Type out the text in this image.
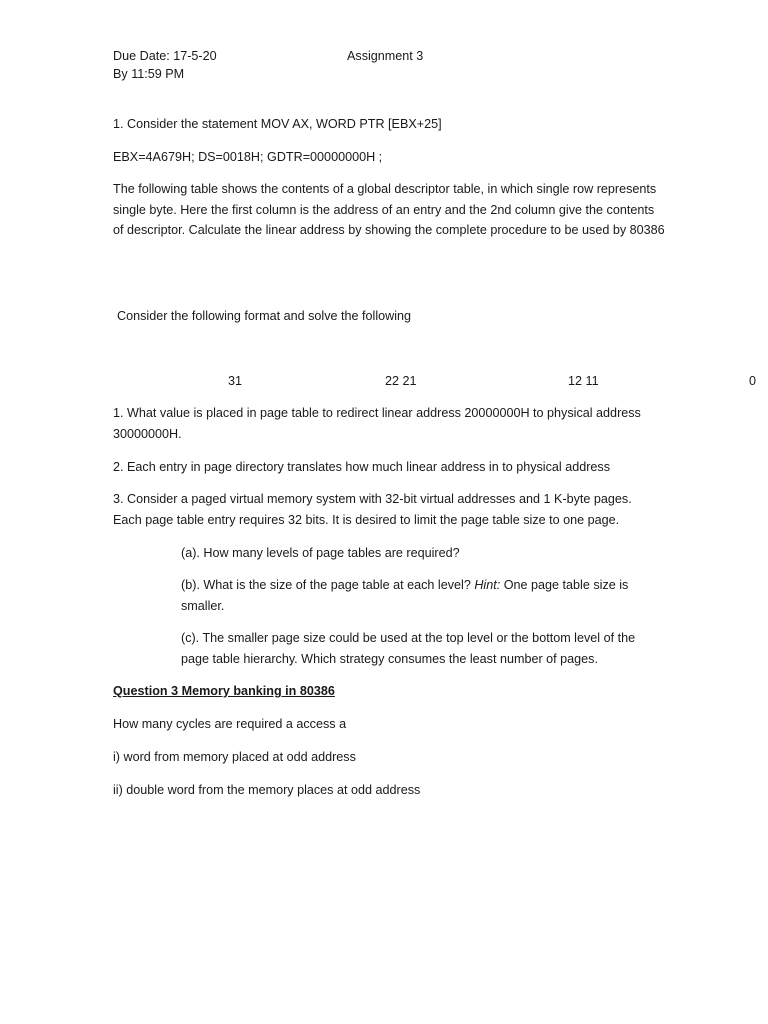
Due Date: 17-5-20	Assignment 3
By 11:59 PM
1. Consider the statement MOV AX, WORD PTR [EBX+25]
EBX=4A679H; DS=0018H; GDTR=00000000H ;
The following table shows the contents of a global descriptor table, in which single row represents single byte. Here the first column is the address of an entry and the 2nd column give the contents of descriptor. Calculate the linear address by showing the complete procedure to be used by 80386
Consider the following format and solve the following
31	22 21	12 11	0
1. What value is placed in page table to redirect linear address 20000000H to physical address 30000000H.
2. Each entry in page directory translates how much linear address in to physical address
3. Consider a paged virtual memory system with 32-bit virtual addresses and 1 K-byte pages. Each page table entry requires 32 bits. It is desired to limit the page table size to one page.
(a). How many levels of page tables are required?
(b). What is the size of the page table at each level? Hint: One page table size is smaller.
(c). The smaller page size could be used at the top level or the bottom level of the page table hierarchy. Which strategy consumes the least number of pages.
Question 3 Memory banking in 80386
How many cycles are required a access a
i) word from memory placed at odd address
ii) double word from the memory places at odd address
